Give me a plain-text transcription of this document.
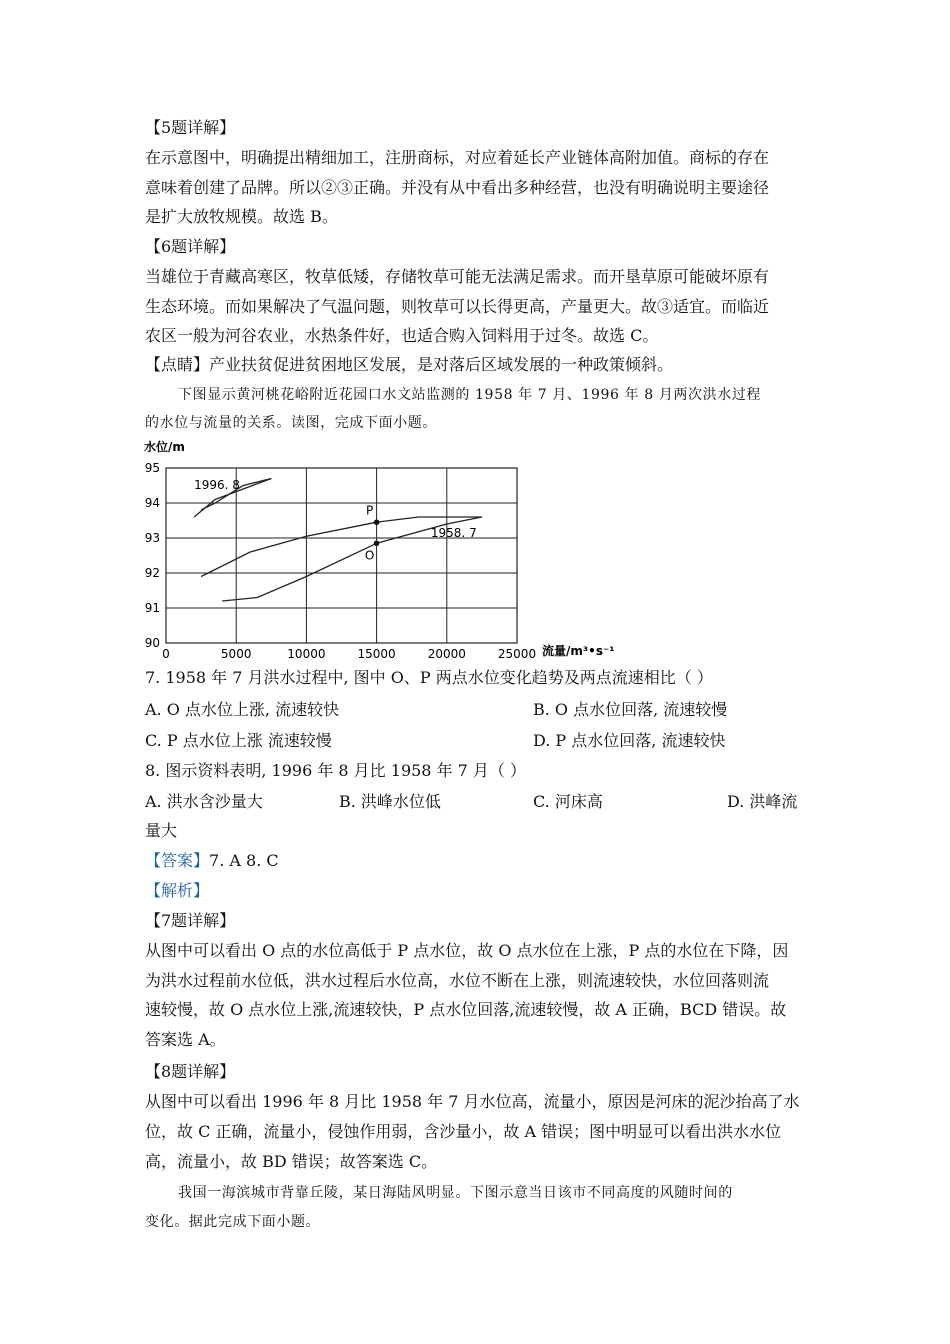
【5题详解】
在示意图中，明确提出精细加工，注册商标，对应着延长产业链体高附加值。商标的存在
意味着创建了品牌。所以②③正确。并没有从中看出多种经营，也没有明确说明主要途径
是扩大放牧规模。故选 B。
【6题详解】
当雄位于青藏高寒区，牧草低矮，存储牧草可能无法满足需求。而开垦草原可能破坏原有
生态环境。而如果解决了气温问题，则牧草可以长得更高，产量更大。故③适宜。而临近
农区一般为河谷农业，水热条件好，也适合购入饲料用于过冬。故选 C。
【点睛】产业扶贫促进贫困地区发展，是对落后区域发展的一种政策倾斜。
下图显示黄河桃花峪附近花园口水文站监测的 1958 年 7 月、1996 年 8 月两次洪水过程
的水位与流量的关系。读图，完成下面小题。
水位/m
流量/m³•s⁻¹
0	5000	10000	15000	20000	25000
90
91
92
93
94
95
1958. 7
1996. 8
P
O
7. 1958 年 7 月洪水过程中, 图中 O、P 两点水位变化趋势及两点流速相比（ ）
A. O 点水位上涨, 流速较快	B. O 点水位回落, 流速较慢
C. P 点水位上涨 流速较慢	D. P 点水位回落, 流速较快
8. 图示资料表明, 1996 年 8 月比 1958 年 7 月（ ）
A. 洪水含沙量大	B. 洪峰水位低	C. 河床高	D. 洪峰流
量大
【答案】7. A 8. C
【解析】
【7题详解】
从图中可以看出 O 点的水位高低于 P 点水位，故 O 点水位在上涨，P 点的水位在下降，因
为洪水过程前水位低，洪水过程后水位高，水位不断在上涨，则流速较快，水位回落则流
速较慢，故 O 点水位上涨,流速较快，P 点水位回落,流速较慢，故 A 正确，BCD 错误。故
答案选 A。
【8题详解】
从图中可以看出 1996 年 8 月比 1958 年 7 月水位高，流量小，原因是河床的泥沙抬高了水
位，故 C 正确，流量小，侵蚀作用弱，含沙量小，故 A 错误；图中明显可以看出洪水水位
高，流量小，故 BD 错误；故答案选 C。
我国一海滨城市背靠丘陵，某日海陆风明显。下图示意当日该市不同高度的风随时间的
变化。据此完成下面小题。
